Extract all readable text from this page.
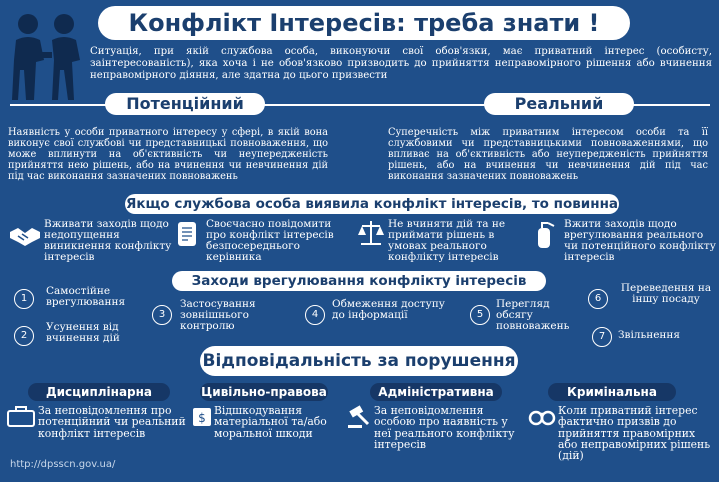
Конфлікт Інтересів: треба знати !
Ситуація, при якій службова особа, виконуючи свої обов'язки, має приватний інтерес (особисту, заінтересованість), яка хоча і не обов'язково призводить до прийняття неправомірного рішення або вчинення неправомірного діяння, але здатна до цього призвести
Потенційний	Реальний
Наявність у особи приватного інтересу у сфері, в якій вона виконує свої службові чи представницькі повноваження, що може вплинути на об'єктивність чи неупередженість прийняття нею рішень, або на вчинення чи невчинення дій під час виконання зазначених повноважень
Суперечність між приватним інтересом особи та її службовими чи представницькими повноваженнями, що впливає на об'єктивність або неупередженість прийняття рішень, або на вчинення чи невчинення дій під час виконання зазначених повноважень
Якщо службова особа виявила конфлікт інтересів, то повинна
Вживати заходів щодо недопущення виникнення конфлікту інтересів
Своєчасно повідомити про конфлікт інтересів безпосереднього керівника
Не вчиняти дій та не приймати рішень в умовах реального конфлікту інтересів
Вжити заходів щодо врегулювання реального чи потенційного конфлікту інтересів
Заходи врегулювання конфлікту інтересів
1
Самостійне врегулювання
2
Усунення від вчинення дій
3
Застосування зовнішнього контролю
4
Обмеження доступу до інформації	5
Перегляд обсягу повноважень
6
Переведення на іншу посаду
7	Звільнення
Відповідальність за порушення
Дисциплінарна	Цивільно-правова	Адміністративна	Кримінальна
За неповідомлення про потенційний чи реальний конфлікт інтересів
$
Відшкодування матеріальної та/або моральної шкоди
За неповідомлення особою про наявність у неї реального конфлікту інтересів
Коли приватний інтерес фактично призвів до прийняття правомірних або неправомірних рішень (дій)
http://dpsscn.gov.ua/
